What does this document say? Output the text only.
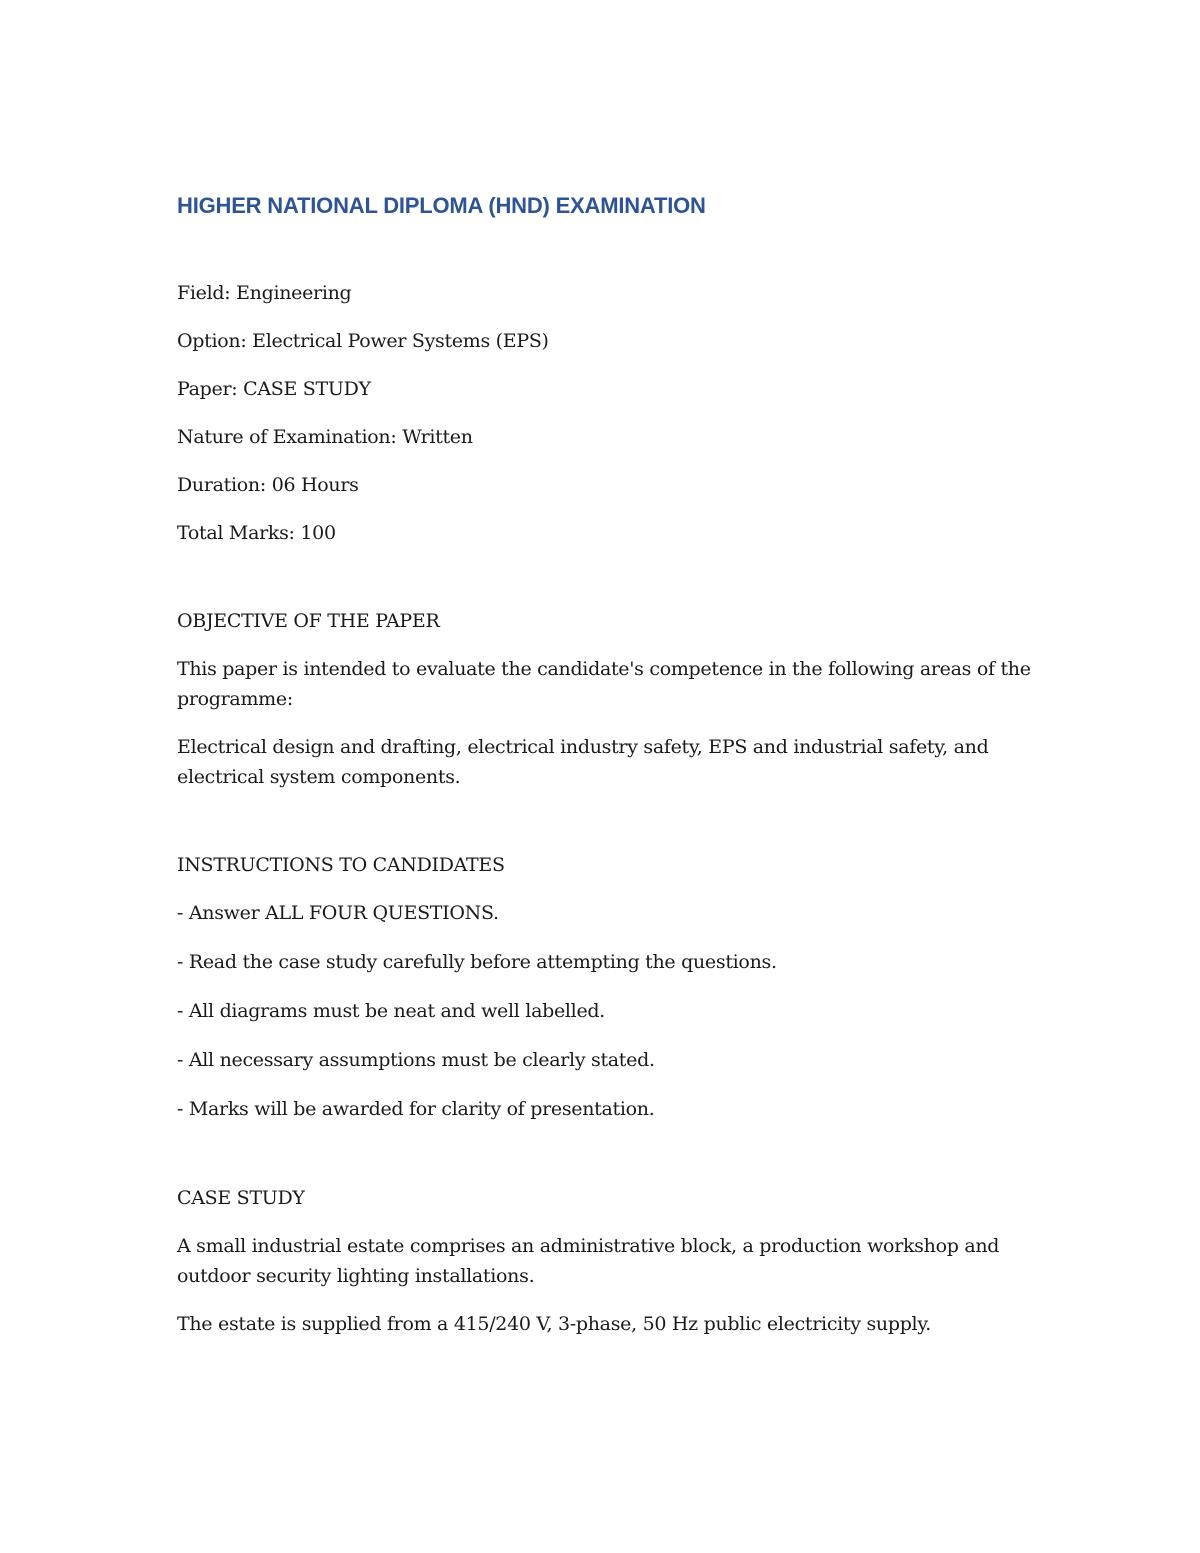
HIGHER NATIONAL DIPLOMA (HND) EXAMINATION
Field: Engineering
Option: Electrical Power Systems (EPS)
Paper: CASE STUDY
Nature of Examination: Written
Duration: 06 Hours
Total Marks: 100
OBJECTIVE OF THE PAPER
This paper is intended to evaluate the candidate's competence in the following areas of the programme:
Electrical design and drafting, electrical industry safety, EPS and industrial safety, and electrical system components.
INSTRUCTIONS TO CANDIDATES
- Answer ALL FOUR QUESTIONS.
- Read the case study carefully before attempting the questions.
- All diagrams must be neat and well labelled.
- All necessary assumptions must be clearly stated.
- Marks will be awarded for clarity of presentation.
CASE STUDY
A small industrial estate comprises an administrative block, a production workshop and outdoor security lighting installations.
The estate is supplied from a 415/240 V, 3-phase, 50 Hz public electricity supply.
